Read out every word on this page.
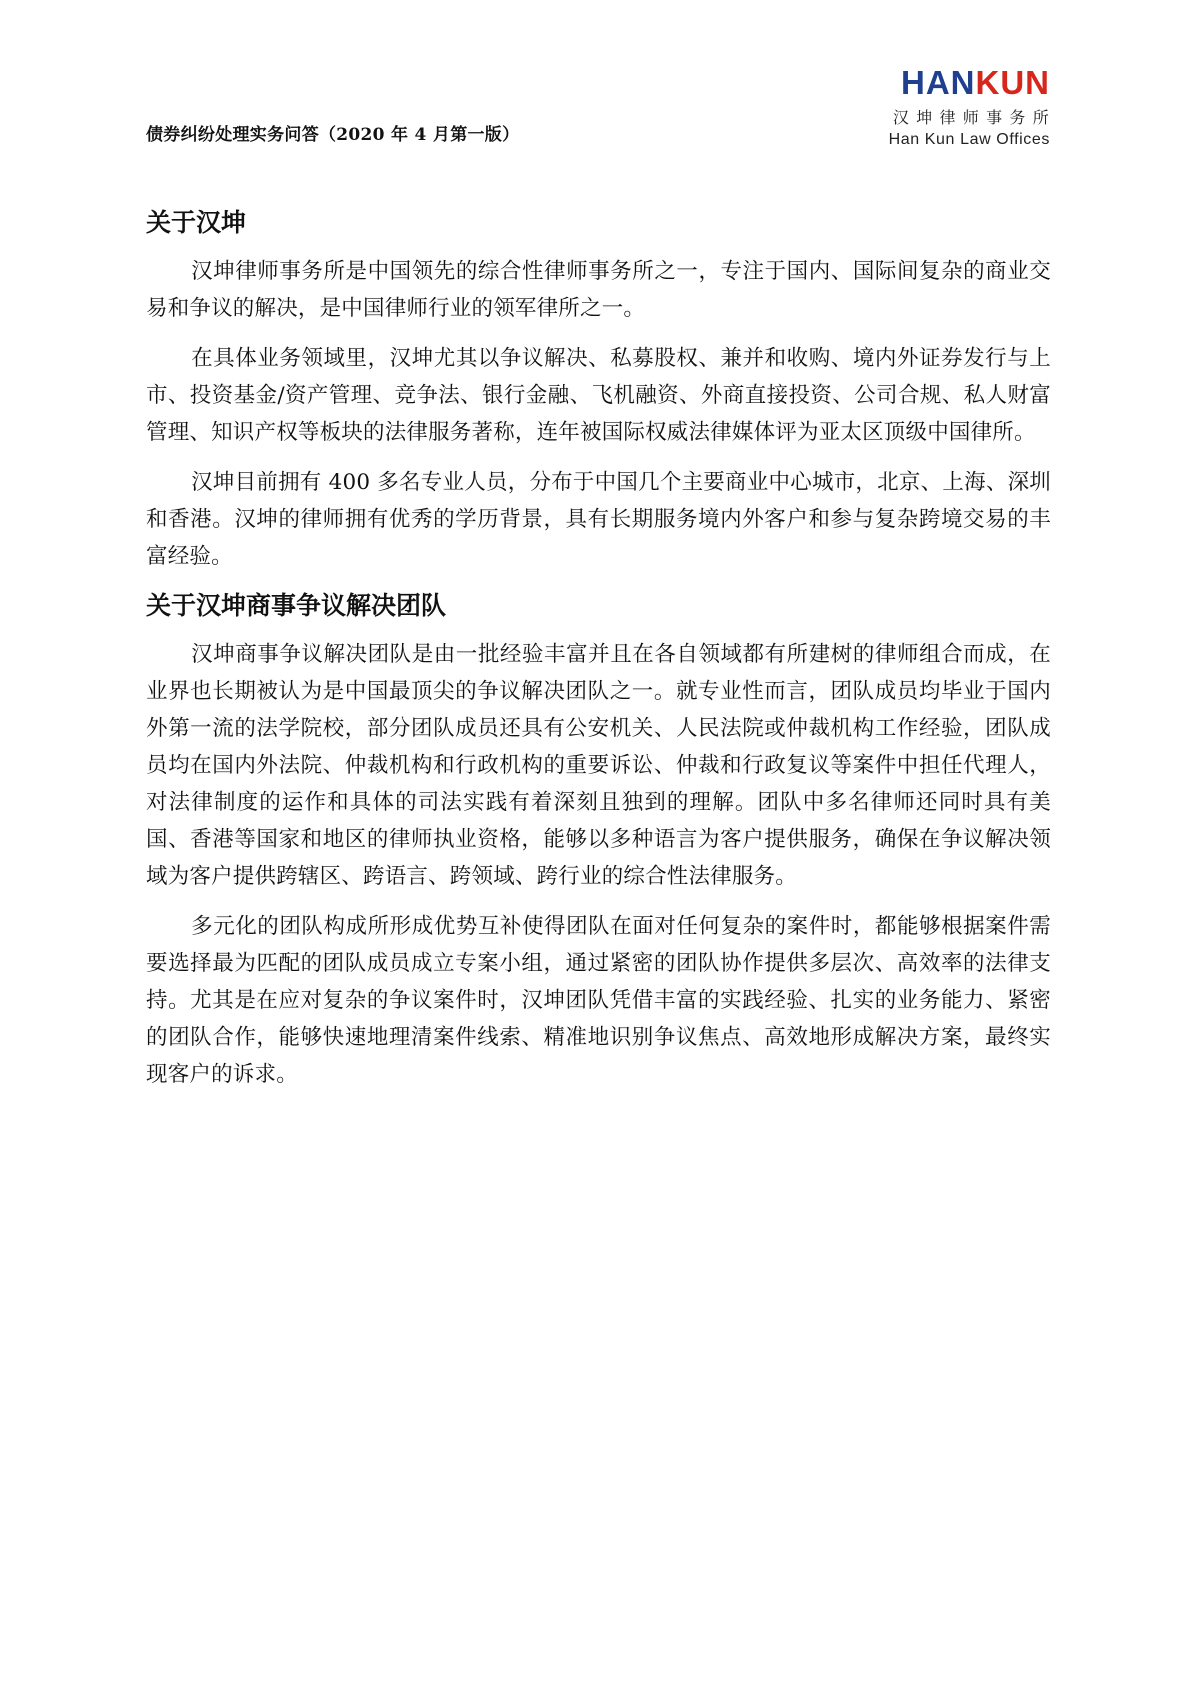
债券纠纷处理实务问答（2020 年 4 月第一版）
HANKUN
汉坤律师事务所
Han Kun Law Offices
关于汉坤

汉坤律师事务所是中国领先的综合性律师事务所之一，专注于国内、国际间复杂的商业交易和争议的解决，是中国律师行业的领军律所之一。

在具体业务领域里，汉坤尤其以争议解决、私募股权、兼并和收购、境内外证券发行与上市、投资基金/资产管理、竞争法、银行金融、飞机融资、外商直接投资、公司合规、私人财富管理、知识产权等板块的法律服务著称，连年被国际权威法律媒体评为亚太区顶级中国律所。

汉坤目前拥有 400 多名专业人员，分布于中国几个主要商业中心城市，北京、上海、深圳和香港。汉坤的律师拥有优秀的学历背景，具有长期服务境内外客户和参与复杂跨境交易的丰富经验。

关于汉坤商事争议解决团队

汉坤商事争议解决团队是由一批经验丰富并且在各自领域都有所建树的律师组合而成，在业界也长期被认为是中国最顶尖的争议解决团队之一。就专业性而言，团队成员均毕业于国内外第一流的法学院校，部分团队成员还具有公安机关、人民法院或仲裁机构工作经验，团队成员均在国内外法院、仲裁机构和行政机构的重要诉讼、仲裁和行政复议等案件中担任代理人，对法律制度的运作和具体的司法实践有着深刻且独到的理解。团队中多名律师还同时具有美国、香港等国家和地区的律师执业资格，能够以多种语言为客户提供服务，确保在争议解决领域为客户提供跨辖区、跨语言、跨领域、跨行业的综合性法律服务。

多元化的团队构成所形成优势互补使得团队在面对任何复杂的案件时，都能够根据案件需要选择最为匹配的团队成员成立专案小组，通过紧密的团队协作提供多层次、高效率的法律支持。尤其是在应对复杂的争议案件时，汉坤团队凭借丰富的实践经验、扎实的业务能力、紧密的团队合作，能够快速地理清案件线索、精准地识别争议焦点、高效地形成解决方案，最终实现客户的诉求。
